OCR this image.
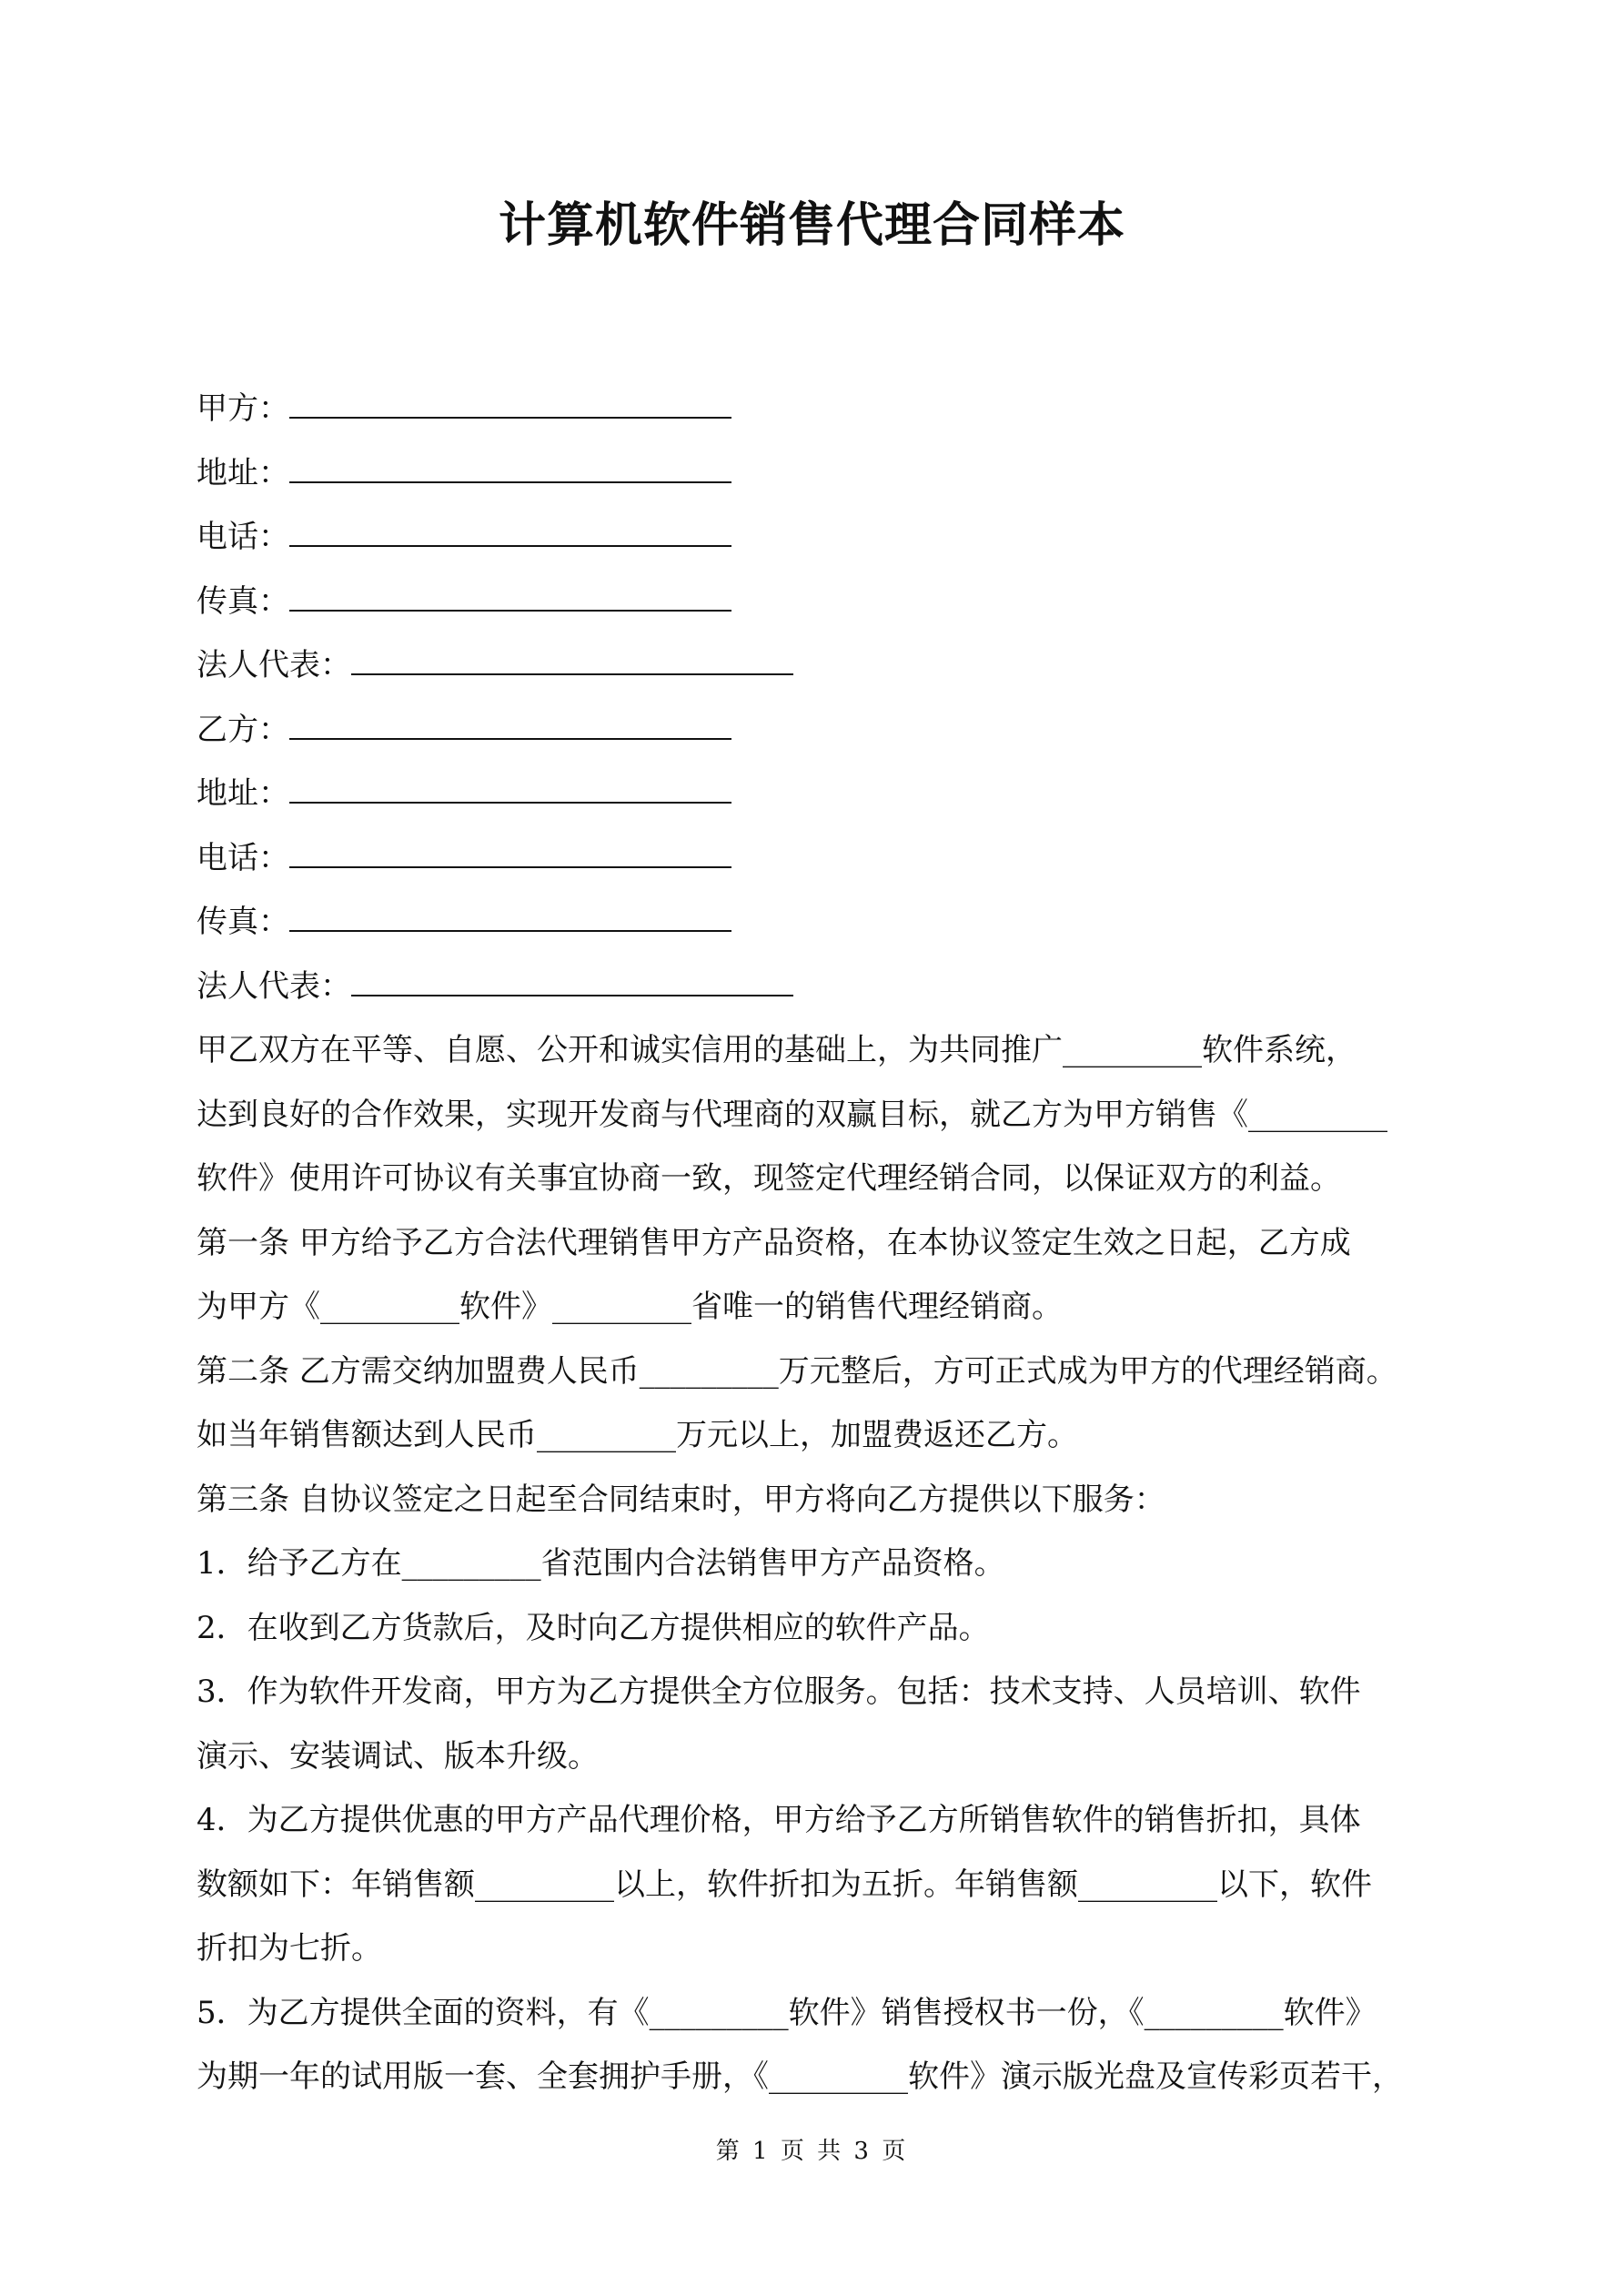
计算机软件销售代理合同样本
甲方：
地址：
电话：
传真：
法人代表：
乙方：
地址：
电话：
传真：
法人代表：
甲乙双方在平等、自愿、公开和诚实信用的基础上，为共同推广_________软件系统，
达到良好的合作效果，实现开发商与代理商的双赢目标，就乙方为甲方销售《_________
软件》使用许可协议有关事宜协商一致，现签定代理经销合同，以保证双方的利益。
第一条 甲方给予乙方合法代理销售甲方产品资格，在本协议签定生效之日起，乙方成
为甲方《_________软件》_________省唯一的销售代理经销商。
第二条 乙方需交纳加盟费人民币_________万元整后，方可正式成为甲方的代理经销商。
如当年销售额达到人民币_________万元以上，加盟费返还乙方。
第三条 自协议签定之日起至合同结束时，甲方将向乙方提供以下服务：
1．给予乙方在_________省范围内合法销售甲方产品资格。
2．在收到乙方货款后，及时向乙方提供相应的软件产品。
3．作为软件开发商，甲方为乙方提供全方位服务。包括：技术支持、人员培训、软件
演示、安装调试、版本升级。
4．为乙方提供优惠的甲方产品代理价格，甲方给予乙方所销售软件的销售折扣，具体
数额如下：年销售额_________以上，软件折扣为五折。年销售额_________以下，软件
折扣为七折。
5．为乙方提供全面的资料，有《_________软件》销售授权书一份，《_________软件》
为期一年的试用版一套、全套拥护手册，《_________软件》演示版光盘及宣传彩页若干，
第 1 页 共 3 页
